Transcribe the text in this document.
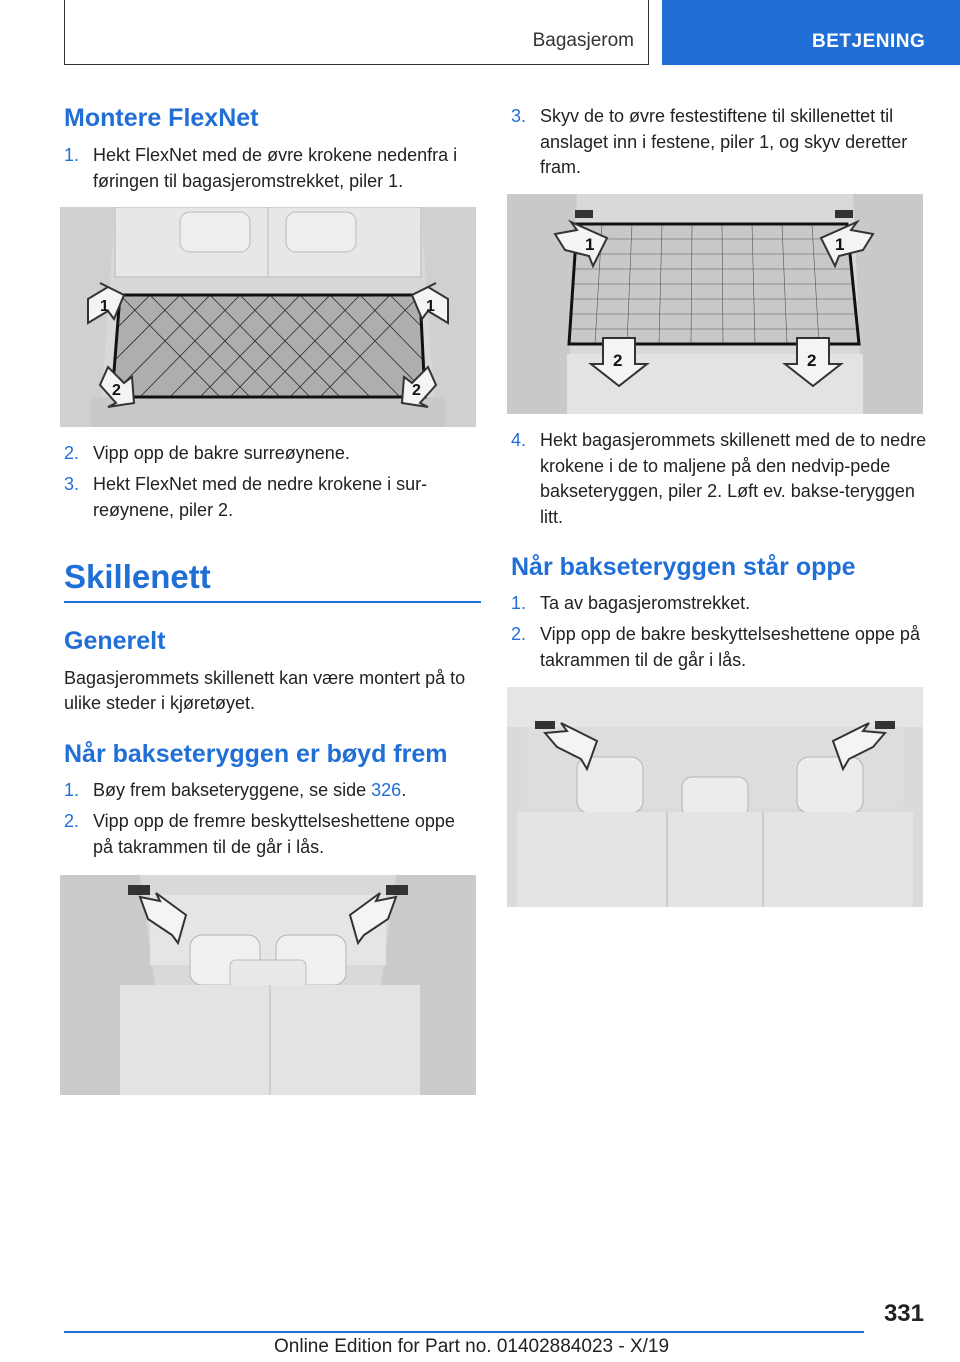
Bagasjerom	BETJENING
Montere FlexNet
1. Hekt FlexNet med de øvre krokene nedenfra i føringen til bagasjeromstrekket, piler 1.
1	1
2	2
2. Vipp opp de bakre surreøynene.
3. Hekt FlexNet med de nedre krokene i sur‐reøynene, piler 2.
Skillenett
Generelt
Bagasjerommets skillenett kan være montert på to ulike steder i kjøretøyet.
Når bakseteryggen er bøyd frem
1. Bøy frem bakseteryggene, se side 326.
2. Vipp opp de fremre beskyttelseshettene oppe på takrammen til de går i lås.
3. Skyv de to øvre festestiftene til skillenettet til anslaget inn i festene, piler 1, og skyv deretter fram.
1	1
2	2
4. Hekt bagasjerommets skillenett med de to nedre krokene i de to maljene på den nedvip‐pede bakseteryggen, piler 2. Løft ev. bakse‐teryggen litt.
Når bakseteryggen står oppe
1. Ta av bagasjeromstrekket.
2. Vipp opp de bakre beskyttelseshettene oppe på takrammen til de går i lås.
331
Online Edition for Part no. 01402884023 - X/19
